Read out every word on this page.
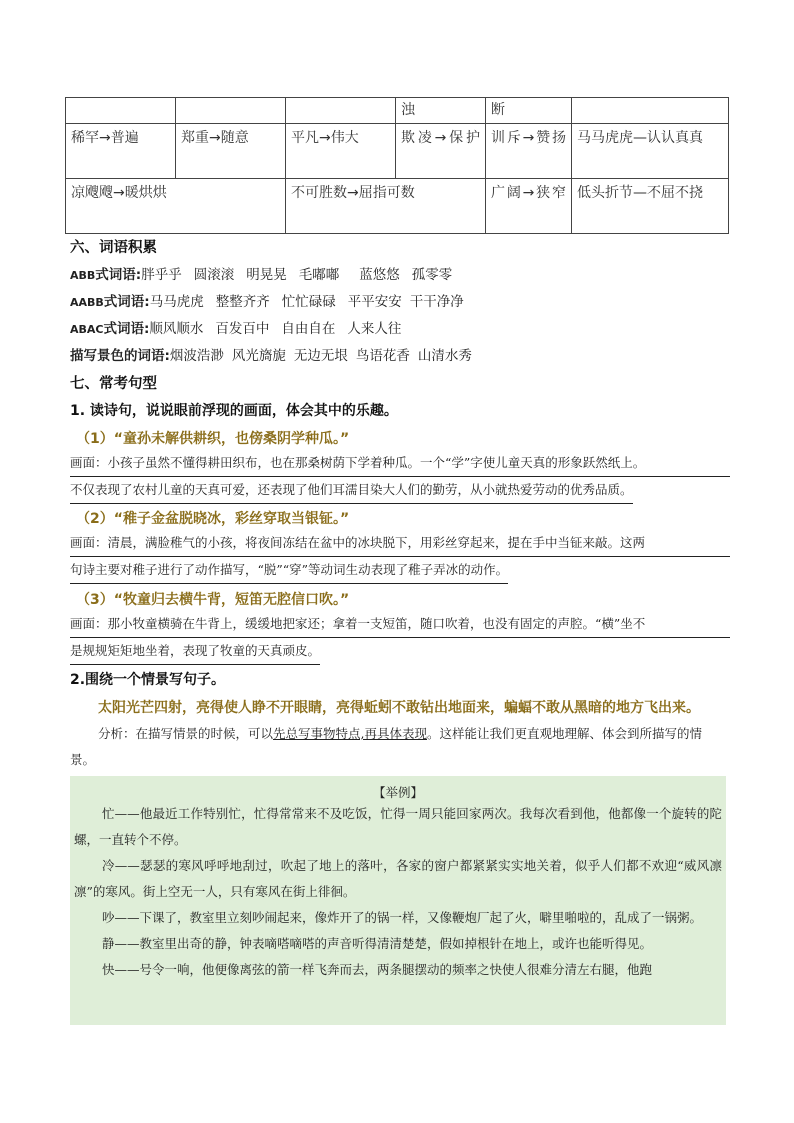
			浊	断	
稀罕→普遍	郑重→随意	平凡→伟大	欺凌→保护	训斥→赞扬	马马虎虎—认认真真
凉飕飕→暖烘烘		不可胜数→屈指可数		广阔→狭窄	低头折节—不屈不挠
六、词语积累
ABB式词语:胖乎乎 圆滚滚 明晃晃 毛嘟嘟 蓝悠悠 孤零零
AABB式词语:马马虎虎 整整齐齐 忙忙碌碌 平平安安 干干净净
ABAC式词语:顺风顺水 百发百中 自由自在 人来人往
描写景色的词语:烟波浩渺 风光旖旎 无边无垠 鸟语花香 山清水秀
七、常考句型
1. 读诗句，说说眼前浮现的画面，体会其中的乐趣。
（1）“童孙未解供耕织，也傍桑阴学种瓜。”
画面：小孩子虽然不懂得耕田织布，也在那桑树荫下学着种瓜。一个“学”字使儿童天真的形象跃然纸上。
不仅表现了农村儿童的天真可爱，还表现了他们耳濡目染大人们的勤劳，从小就热爱劳动的优秀品质。
（2）“稚子金盆脱晓冰，彩丝穿取当银钲。”
画面：清晨，满脸稚气的小孩，将夜间冻结在盆中的冰块脱下，用彩丝穿起来，提在手中当钲来敲。这两
句诗主要对稚子进行了动作描写，“脱”“穿”等动词生动表现了稚子弄冰的动作。
（3）“牧童归去横牛背，短笛无腔信口吹。”
画面：那小牧童横骑在牛背上，缓缓地把家还；拿着一支短笛，随口吹着，也没有固定的声腔。“横”坐不
是规规矩矩地坐着，表现了牧童的天真顽皮。
2.围绕一个情景写句子。
太阳光芒四射，亮得使人睁不开眼睛，亮得蚯蚓不敢钻出地面来，蝙蝠不敢从黑暗的地方飞出来。
分析：在描写情景的时候，可以先总写事物特点,再具体表现。这样能让我们更直观地理解、体会到所描写的情景。
【举例】

忙——他最近工作特别忙，忙得常常来不及吃饭，忙得一周只能回家两次。我每次看到他，他都像一个旋转的陀螺，一直转个不停。

冷——瑟瑟的寒风呼呼地刮过，吹起了地上的落叶，各家的窗户都紧紧实实地关着，似乎人们都不欢迎“威风凛凛”的寒风。街上空无一人，只有寒风在街上徘徊。

吵——下课了，教室里立刻吵闹起来，像炸开了的锅一样，又像鞭炮厂起了火，噼里啪啦的，乱成了一锅粥。

静——教室里出奇的静，钟表嘀嗒嘀嗒的声音听得清清楚楚，假如掉根针在地上，或许也能听得见。

快——号令一响，他便像离弦的箭一样飞奔而去，两条腿摆动的频率之快使人很难分清左右腿，他跑
